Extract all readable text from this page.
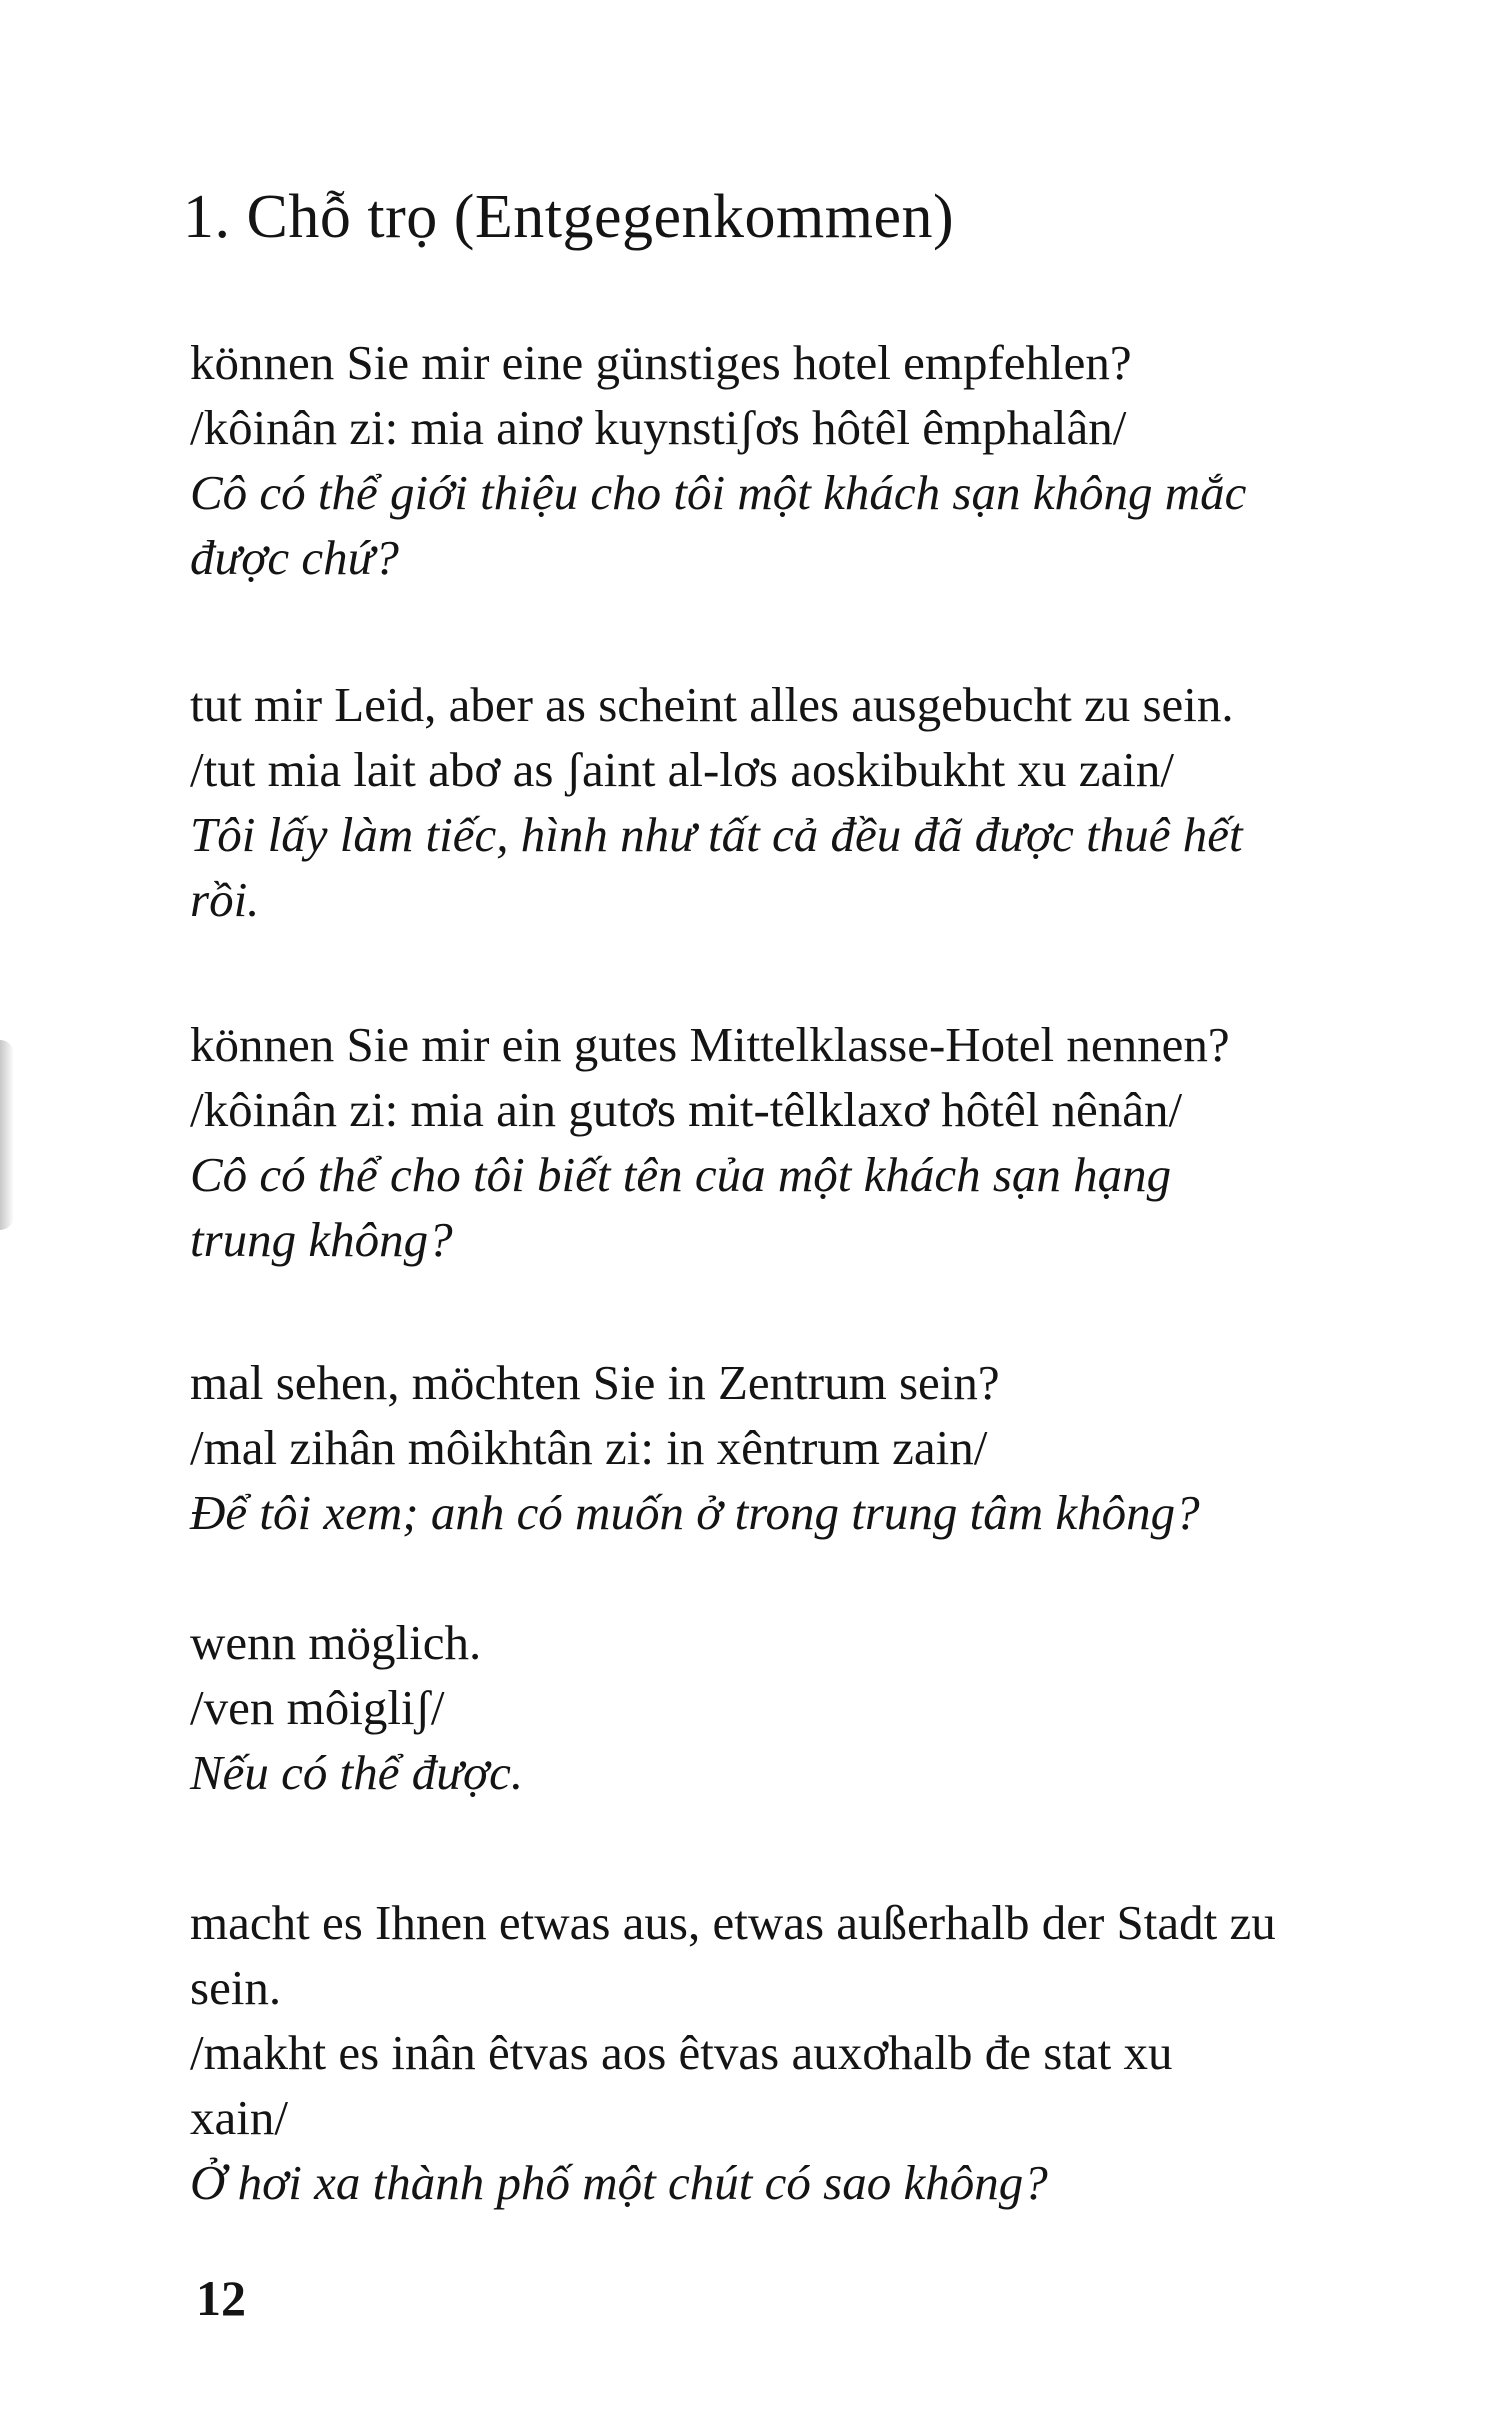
1. Chỗ trọ (Entgegenkommen)
können Sie mir eine günstiges hotel empfehlen?
/kôinân zi: mia ainơ kuynstiʃơs hôtêl êmphalân/
Cô có thể giới thiệu cho tôi một khách sạn không mắc
được chứ?
tut mir Leid, aber as scheint alles ausgebucht zu sein.
/tut mia lait abơ as ʃaint al-lơs aoskibukht xu zain/
Tôi lấy làm tiếc, hình như tất cả đều đã được thuê hết
rồi.
können Sie mir ein gutes Mittelklasse-Hotel nennen?
/kôinân zi: mia ain gutơs mit-têlklaxơ hôtêl nênân/
Cô có thể cho tôi biết tên của một khách sạn hạng
trung không?
mal sehen, möchten Sie in Zentrum sein?
/mal zihân môikhtân zi: in xêntrum zain/
Để tôi xem; anh có muốn ở trong trung tâm không?
wenn möglich.
/ven môigliʃ/
Nếu có thể được.
macht es Ihnen etwas aus, etwas außerhalb der Stadt zu
sein.
/makht es inân êtvas aos êtvas auxơhalb đe stat xu
xain/
Ở hơi xa thành phố một chút có sao không?
12
